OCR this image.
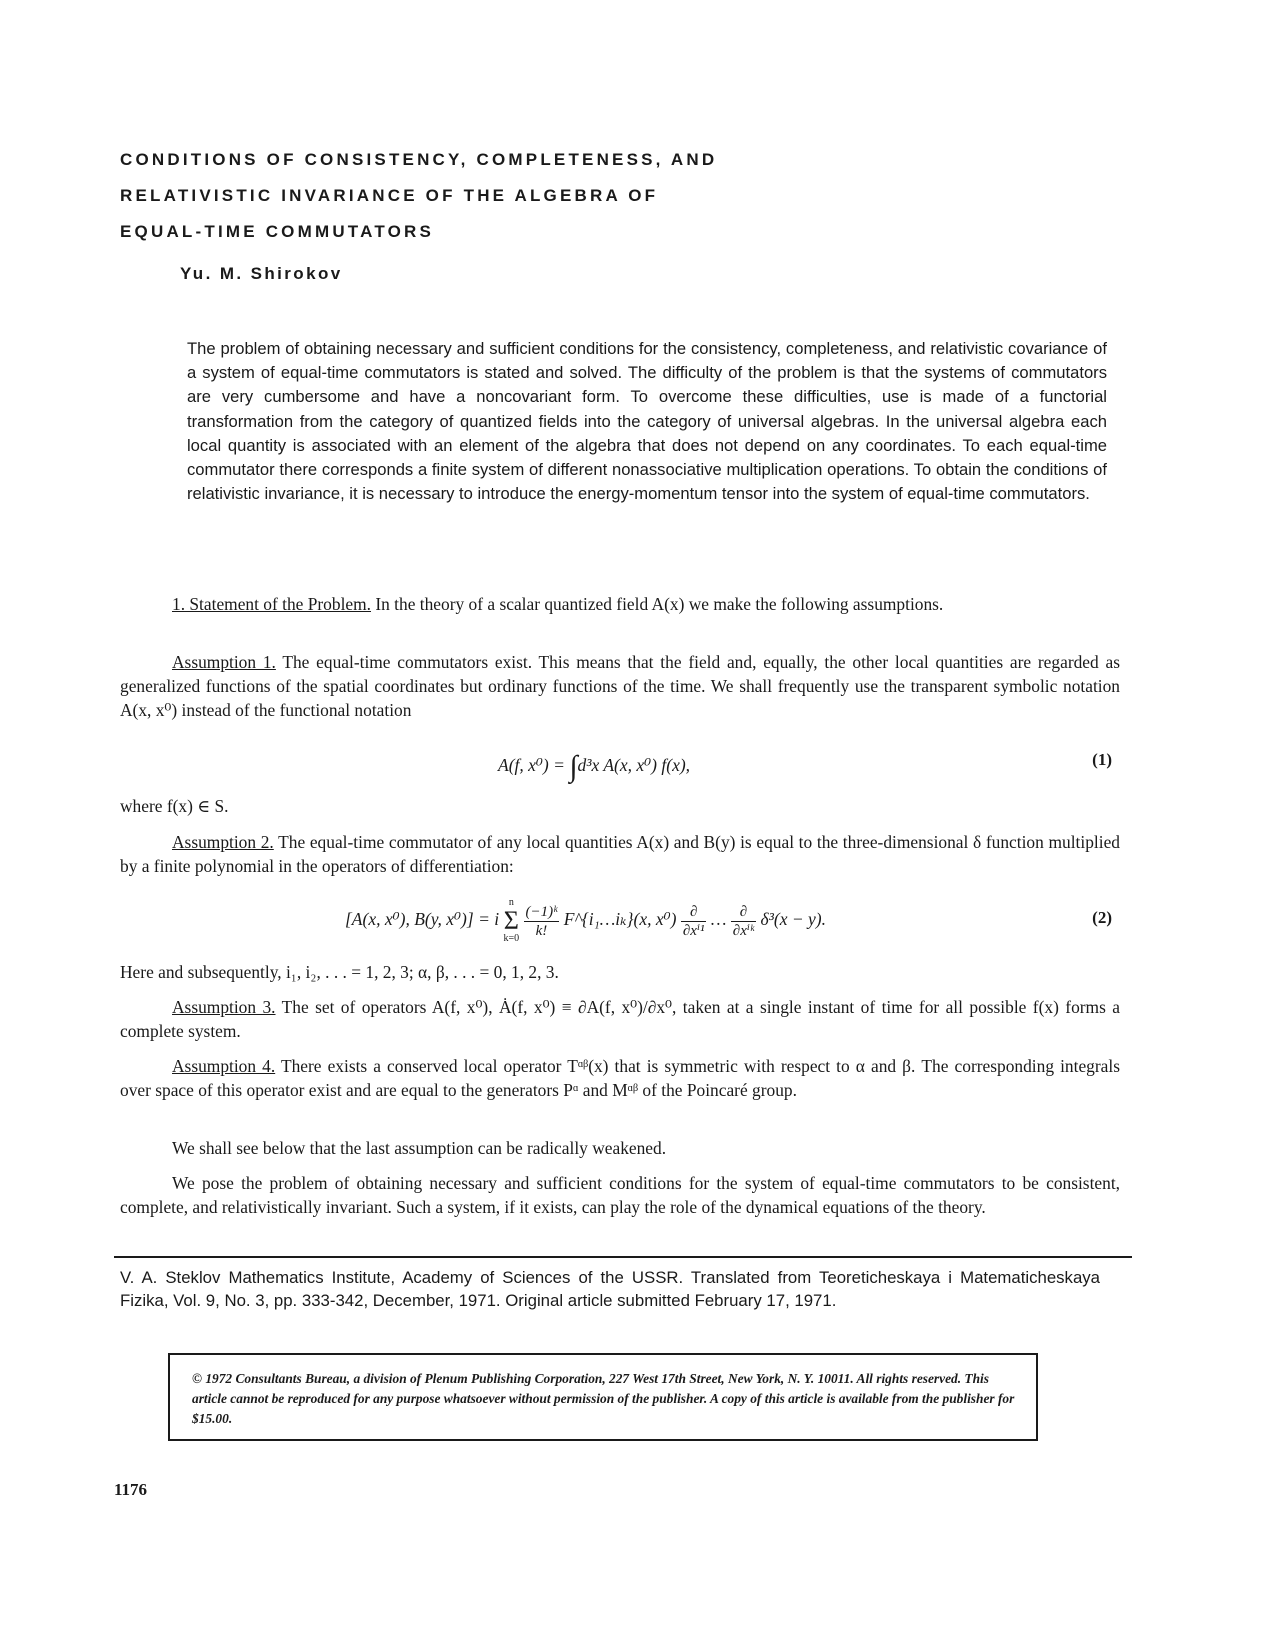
CONDITIONS OF CONSISTENCY, COMPLETENESS, AND
RELATIVISTIC INVARIANCE OF THE ALGEBRA OF
EQUAL-TIME COMMUTATORS
Yu. M. Shirokov

The problem of obtaining necessary and sufficient conditions for the consistency, completeness, and relativistic covariance of a system of equal-time commutators is stated and solved. The difficulty of the problem is that the systems of commutators are very cumbersome and have a noncovariant form. To overcome these difficulties, use is made of a functorial transformation from the category of quantized fields into the category of universal algebras. In the universal algebra each local quantity is associated with an element of the algebra that does not depend on any coordinates. To each equal-time commutator there corresponds a finite system of different nonassociative multiplication operations. To obtain the conditions of relativistic invariance, it is necessary to introduce the energy-momentum tensor into the system of equal-time commutators.

1. Statement of the Problem. In the theory of a scalar quantized field A(x) we make the following assumptions.

Assumption 1. The equal-time commutators exist. This means that the field and, equally, the other local quantities are regarded as generalized functions of the spatial coordinates but ordinary functions of the time. We shall frequently use the transparent symbolic notation A(x, x⁰) instead of the functional notation

A(f, x⁰) = ∫d³x A(x, x⁰) f(x),	(1)

where f(x) ∈ S.

Assumption 2. The equal-time commutator of any local quantities A(x) and B(y) is equal to the three-dimensional δ function multiplied by a finite polynomial in the operators of differentiation:

[A(x, x⁰), B(y, x⁰)] = i
n
Σ
k=0
$\frac{\text{(−1)ᵏ}}{k!}$ F^{i₁…iₖ}(x, $x^0) \frac{\partial}{\text{∂xⁱ¹}}$ … $\frac{\partial}{\text{∂xⁱᵏ}} \delta^3(x - y)$.	(2)

Here and subsequently, i₁, i₂, . . . = 1, 2, 3; α, β, . . . = 0, 1, 2, 3.

Assumption 3. The set of operators A(f, x⁰), Ȧ(f, x⁰) ≡ ∂A(f, x⁰)/∂x⁰, taken at a single instant of time for all possible f(x) forms a complete system.

Assumption 4. There exists a conserved local operator Tᵅᵝ(x) that is symmetric with respect to α and β. The corresponding integrals over space of this operator exist and are equal to the generators Pᵅ and Mᵅᵝ of the Poincaré group.

We shall see below that the last assumption can be radically weakened.

We pose the problem of obtaining necessary and sufficient conditions for the system of equal-time commutators to be consistent, complete, and relativistically invariant. Such a system, if it exists, can play the role of the dynamical equations of the theory.

V. A. Steklov Mathematics Institute, Academy of Sciences of the USSR. Translated from Teoreticheskaya i Matematicheskaya Fizika, Vol. 9, No. 3, pp. 333-342, December, 1971. Original article submitted February 17, 1971.

© 1972 Consultants Bureau, a division of Plenum Publishing Corporation, 227 West 17th Street, New York, N. Y. 10011. All rights reserved. This article cannot be reproduced for any purpose whatsoever without permission of the publisher. A copy of this article is available from the publisher for $15.00.
1176
